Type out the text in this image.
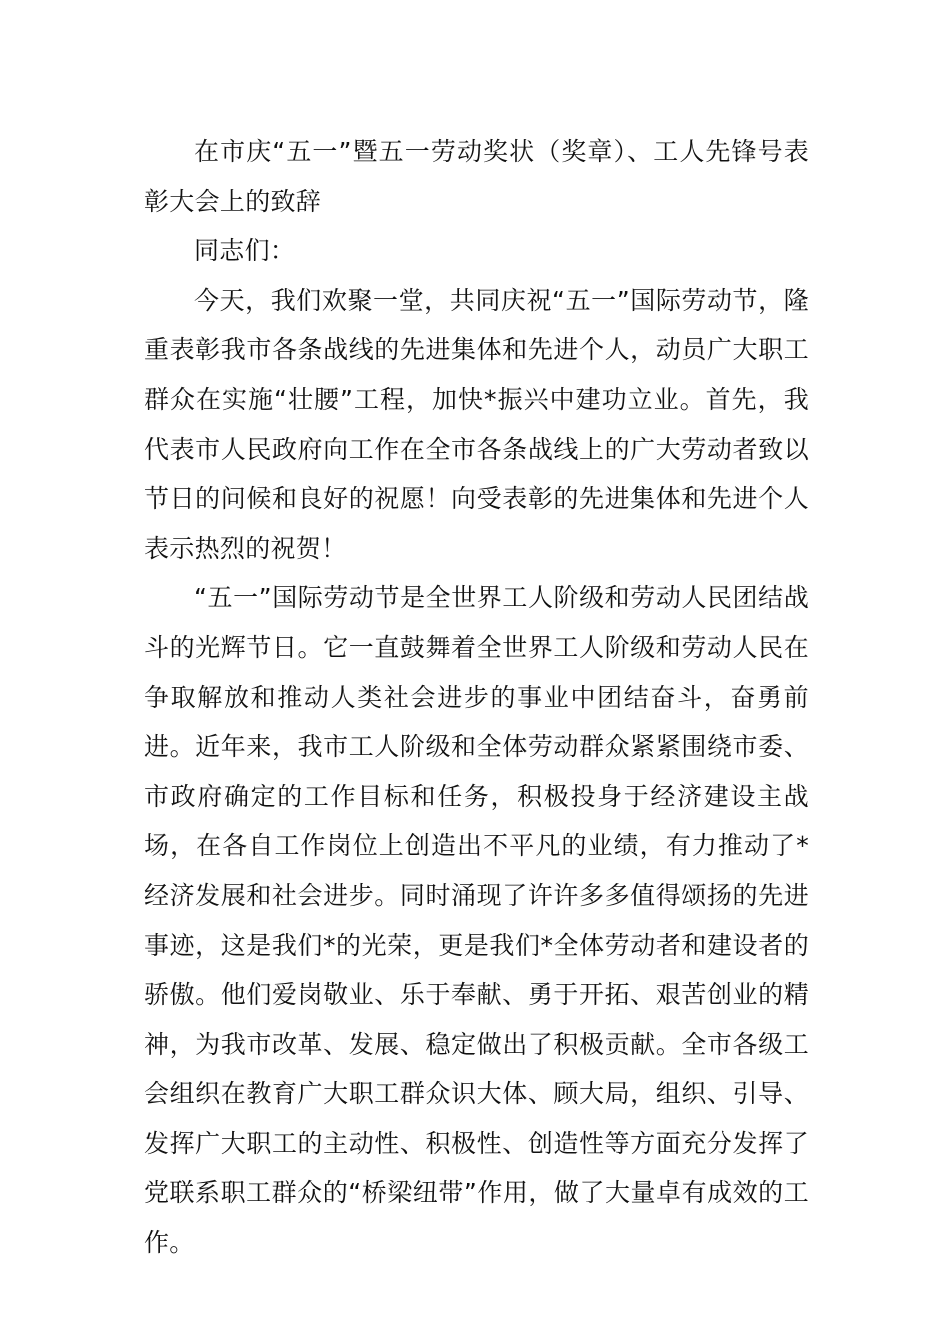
在市庆“五一”暨五一劳动奖状（奖章）、工人先锋号表彰大会上的致辞

同志们：

今天，我们欢聚一堂，共同庆祝“五一”国际劳动节，隆重表彰我市各条战线的先进集体和先进个人，动员广大职工群众在实施“壮腰”工程，加快*振兴中建功立业。首先，我代表市人民政府向工作在全市各条战线上的广大劳动者致以节日的问候和良好的祝愿！向受表彰的先进集体和先进个人表示热烈的祝贺！

“五一”国际劳动节是全世界工人阶级和劳动人民团结战斗的光辉节日。它一直鼓舞着全世界工人阶级和劳动人民在争取解放和推动人类社会进步的事业中团结奋斗，奋勇前进。近年来，我市工人阶级和全体劳动群众紧紧围绕市委、市政府确定的工作目标和任务，积极投身于经济建设主战场，在各自工作岗位上创造出不平凡的业绩，有力推动了*经济发展和社会进步。同时涌现了许许多多值得颂扬的先进事迹，这是我们*的光荣，更是我们*全体劳动者和建设者的骄傲。他们爱岗敬业、乐于奉献、勇于开拓、艰苦创业的精神，为我市改革、发展、稳定做出了积极贡献。全市各级工会组织在教育广大职工群众识大体、顾大局，组织、引导、发挥广大职工的主动性、积极性、创造性等方面充分发挥了党联系职工群众的“桥梁纽带”作用，做了大量卓有成效的工作。
